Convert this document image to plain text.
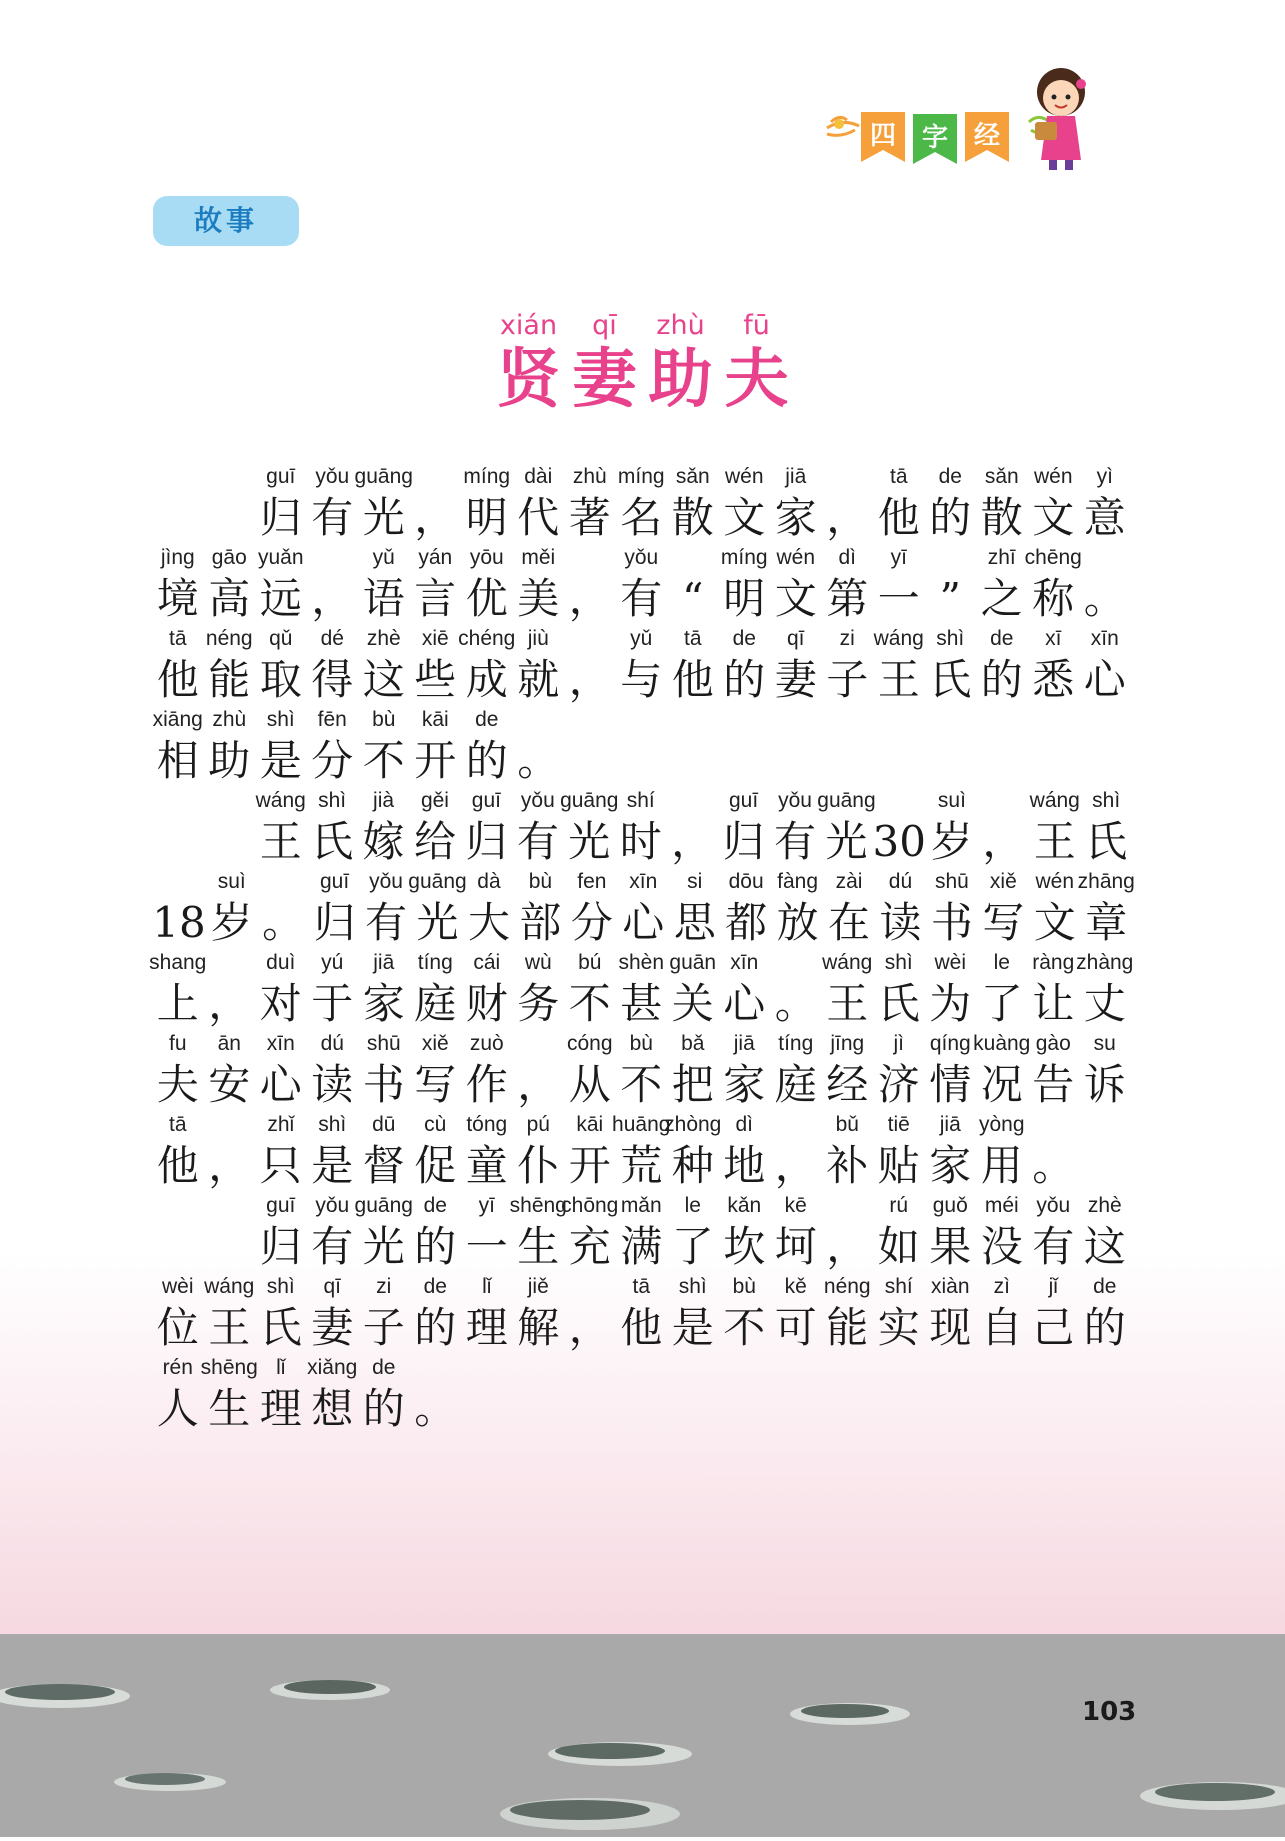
四 字 经
故事
xián
贤
qī
妻
zhù
助
fū
夫
guī
归
yǒu
有
guāng
光 ，
míng
明
dài
代
zhù
著
míng
名
sǎn
散
wén
文
jiā
家 ，
tā
他
de
的
sǎn
散
wén
文
yì
意
jìng
境
gāo
高
yuǎn
远 ，
yǔ
语
yán
言
yōu
优
měi
美 ，
yǒu
有 “
míng
明
wén
文
dì
第
yī
一 ”
zhī
之
chēng
称 。
tā
他
néng
能
qǔ
取
dé
得
zhè
这
xiē
些
chéng
成
jiù
就 ，
yǔ
与
tā
他
de
的
qī
妻
zi
子
wáng
王
shì
氏
de
的
xī
悉
xīn
心
xiāng
相
zhù
助
shì
是
fēn
分
bù
不
kāi
开
de
的 。
wáng
王
shì
氏
jià
嫁
gěi
给
guī
归
yǒu
有
guāng
光
shí
时 ，
guī
归
yǒu
有
guāng
光 30
suì
岁 ，
wáng
王
shì
氏
18
suì
岁 。
guī
归
yǒu
有
guāng
光
dà
大
bù
部
fen
分
xīn
心
si
思
dōu
都
fàng
放
zài
在
dú
读
shū
书
xiě
写
wén
文
zhāng
章
shang
上 ，
duì
对
yú
于
jiā
家
tíng
庭
cái
财
wù
务
bú
不
shèn
甚
guān
关
xīn
心 。
wáng
王
shì
氏
wèi
为
le
了
ràng
让
zhàng
丈
fu
夫
ān
安
xīn
心
dú
读
shū
书
xiě
写
zuò
作 ，
cóng
从
bù
不
bǎ
把
jiā
家
tíng
庭
jīng
经
jì
济
qíng
情
kuàng
况
gào
告
su
诉
tā
他 ，
zhǐ
只
shì
是
dū
督
cù
促
tóng
童
pú
仆
kāi
开
huāng
荒
zhòng
种
dì
地 ，
bǔ
补
tiē
贴
jiā
家
yòng
用 。
guī
归
yǒu
有
guāng
光
de
的
yī
一
shēng
生
chōng
充
mǎn
满
le
了
kǎn
坎
kē
坷 ，
rú
如
guǒ
果
méi
没
yǒu
有
zhè
这
wèi
位
wáng
王
shì
氏
qī
妻
zi
子
de
的
lǐ
理
jiě
解 ，
tā
他
shì
是
bù
不
kě
可
néng
能
shí
实
xiàn
现
zì
自
jǐ
己
de
的
rén
人
shēng
生
lǐ
理
xiǎng
想
de
的 。
103
